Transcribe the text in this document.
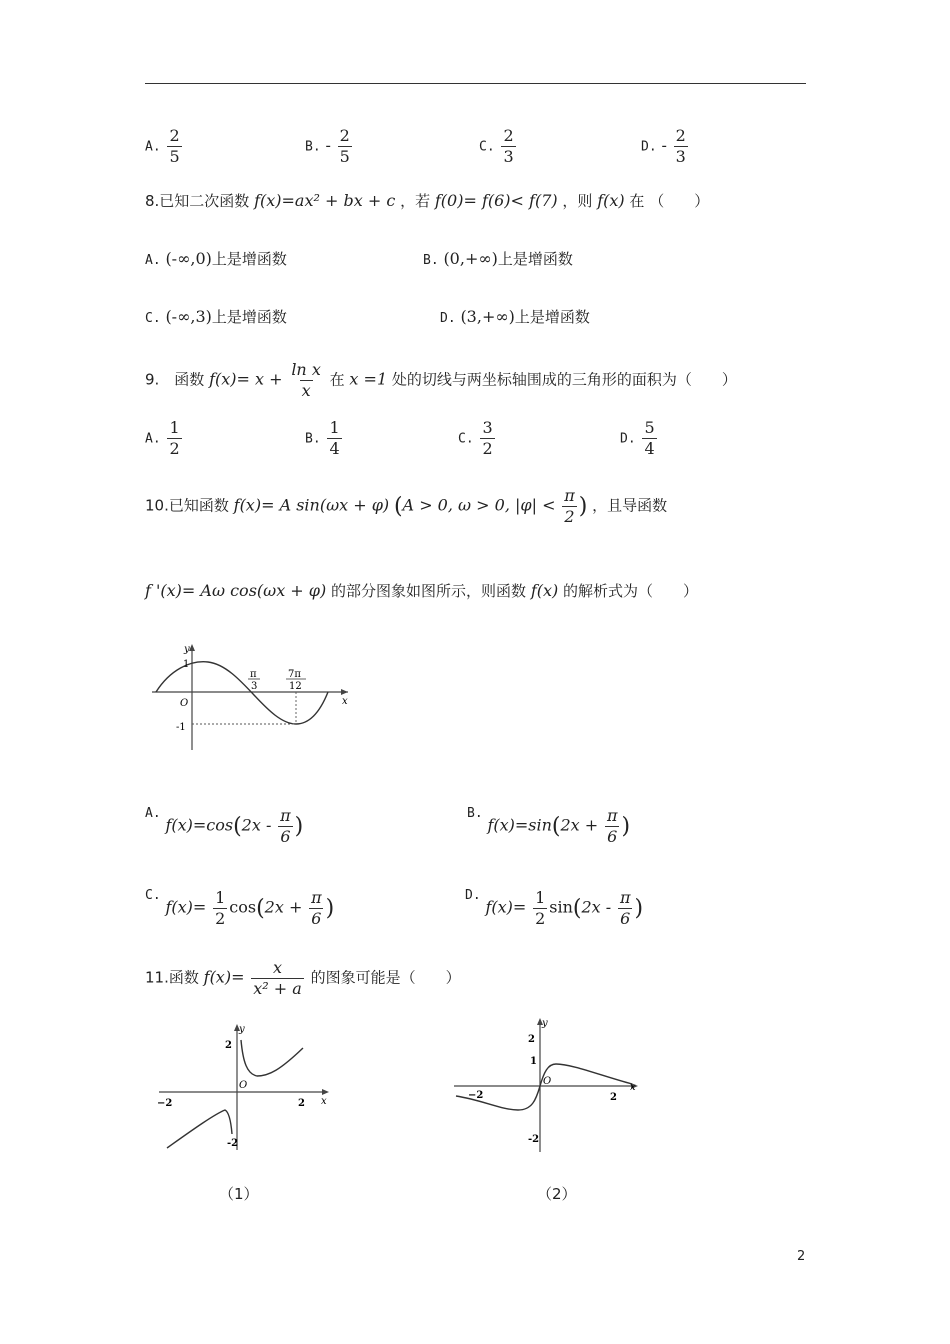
A. $\frac{2}{5}$	B. - $\frac{2}{5}$	C. $\frac{2}{3}$	D. - $\frac{2}{3}$
8.已知二次函数 f(x)=ax² + bx + c ，若 f(0)= f(6)< f(7) ，则 f(x) 在 （　　）
A. (-∞,0)上是增函数	B. (0,+∞)上是增函数
C. (-∞,3)上是增函数	D. (3,+∞)上是增函数
9.　函数 $f(x)= x + \frac{\text{ln x}}{x}$ 在 x =1 处的切线与两坐标轴围成的三角形的面积为（　　）
A. $\frac{1}{2}$	B. $\frac{1}{4}$	C. $\frac{3}{2}$	D. $\frac{5}{4}$
10.已知函数 f(x)= A sin(ωx + φ) (A > 0, ω > 0, $|\varphi| < \frac{\pi}{2}$ ) ，且导函数
f '(x)= Aω cos(ωx + φ) 的部分图象如图所示，则函数 f(x) 的解析式为（　　）
y
x
1
O
-1
π
3
7π
12
A. $f(x)=\cos(2x - \frac{\pi}{6}$ )
B. $f(x)=\sin(2x + \frac{\pi}{6}$ )
C. $f(x)= \frac{1}{2} \cos(2x + \frac{\pi}{6}$ )
D. $f(x)= \frac{1}{2} \sin(2x - \frac{\pi}{6}$ )
11.函数 $f(x)= \frac{x}{\text{x² + a}}$ 的图象可能是（　　）
y
x
2
-2
−2	2
O
（1）
y
x
2
1
-2
−2	2
O
（2）
2
